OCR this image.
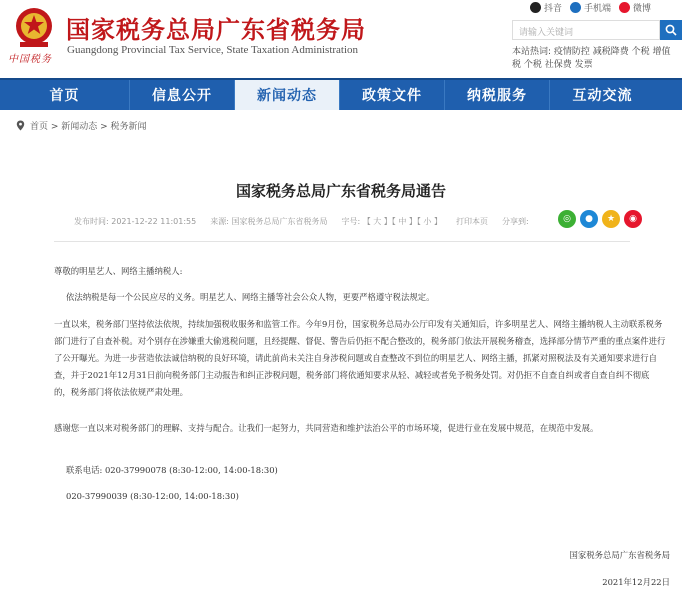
中国税务
国家税务总局广东省税务局
Guangdong Provincial Tax Service, State Taxation Administration
抖音 手机端 微博
请输入关键词
本站热词: 疫情防控 减税降费 个税 增值税 个税 社保费 发票
首页	信息公开	新闻动态	政策文件	纳税服务	互动交流
首页 > 新闻动态 > 税务新闻
国家税务总局广东省税务局通告
发布时间: 2021-12-22 11:01:55 来源: 国家税务总局广东省税务局 字号: 【 大 】【 中 】【 小 】 打印本页 分享到:	◎	●	★	◉
尊敬的明星艺人、网络主播纳税人:
依法纳税是每一个公民应尽的义务。明星艺人、网络主播等社会公众人物，更要严格遵守税法规定。
一直以来，税务部门坚持依法依规，持续加强税收服务和监管工作。今年9月份，国家税务总局办公厅印发有关通知后，许多明星艺人、网络主播纳税人主动联系税务部门进行了自查补税。对个别存在涉嫌重大偷逃税问题，且经提醒、督促、警告后仍拒不配合整改的，税务部门依法开展税务稽查，选择部分情节严重的重点案件进行了公开曝光。为进一步营造依法诚信纳税的良好环境，请此前尚未关注自身涉税问题或自查整改不到位的明星艺人、网络主播，抓紧对照税法及有关通知要求进行自查，并于2021年12月31日前向税务部门主动报告和纠正涉税问题，税务部门将依通知要求从轻、减轻或者免予税务处罚。对仍拒不自查自纠或者自查自纠不彻底的，税务部门将依法依规严肃处理。
感谢您一直以来对税务部门的理解、支持与配合。让我们一起努力，共同营造和维护法治公平的市场环境，促进行业在发展中规范，在规范中发展。
联系电话: 020-37990078 (8:30-12:00, 14:00-18:30)
020-37990039 (8:30-12:00, 14:00-18:30)
国家税务总局广东省税务局
2021年12月22日
